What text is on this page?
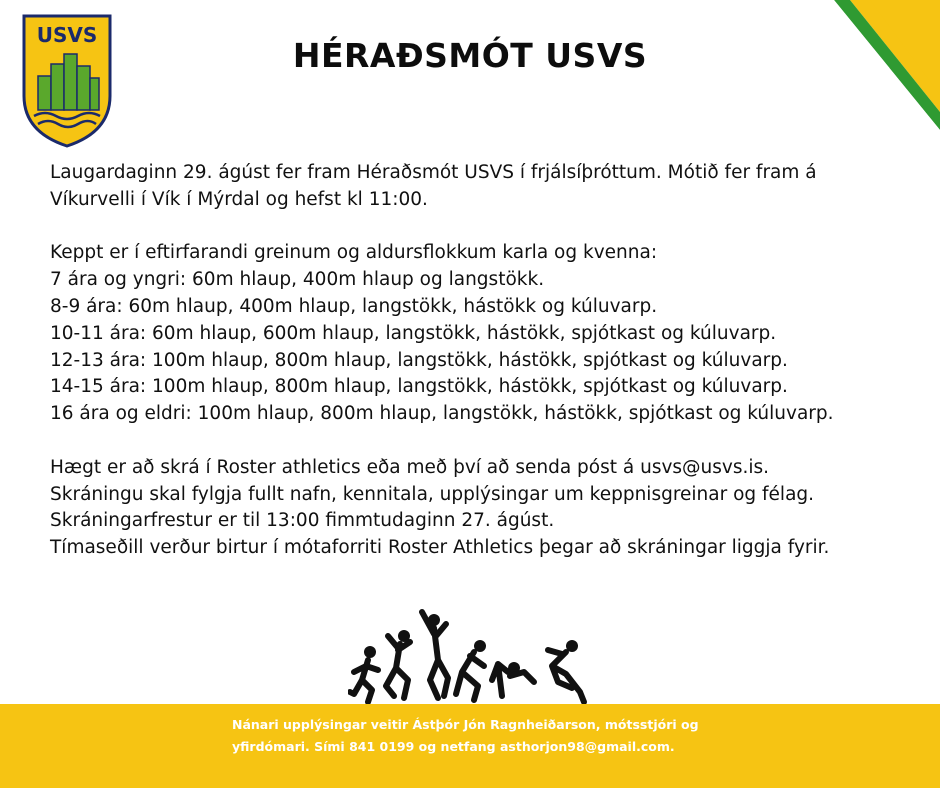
USVS
HÉRAÐSMÓT USVS

Laugardaginn 29. ágúst fer fram Héraðsmót USVS í frjálsíþróttum. Mótið fer fram á

Víkurvelli í Vík í Mýrdal og hefst kl 11:00.

Keppt er í eftirfarandi greinum og aldursflokkum karla og kvenna:

7 ára og yngri: 60m hlaup, 400m hlaup og langstökk.

8-9 ára: 60m hlaup, 400m hlaup, langstökk, hástökk og kúluvarp.

10-11 ára: 60m hlaup, 600m hlaup, langstökk, hástökk, spjótkast og kúluvarp.

12-13 ára: 100m hlaup, 800m hlaup, langstökk, hástökk, spjótkast og kúluvarp.

14-15 ára: 100m hlaup, 800m hlaup, langstökk, hástökk, spjótkast og kúluvarp.

16 ára og eldri: 100m hlaup, 800m hlaup, langstökk, hástökk, spjótkast og kúluvarp.

Hægt er að skrá í Roster athletics eða með því að senda póst á usvs@usvs.is.

Skráningu skal fylgja fullt nafn, kennitala, upplýsingar um keppnisgreinar og félag.

Skráningarfrestur er til 13:00 fimmtudaginn 27. ágúst.

Tímaseðill verður birtur í mótaforriti Roster Athletics þegar að skráningar liggja fyrir.

Nánari upplýsingar veitir Ástþór Jón Ragnheiðarson, mótsstjóri og

yfirdómari. Sími 841 0199 og netfang asthorjon98@gmail.com.
